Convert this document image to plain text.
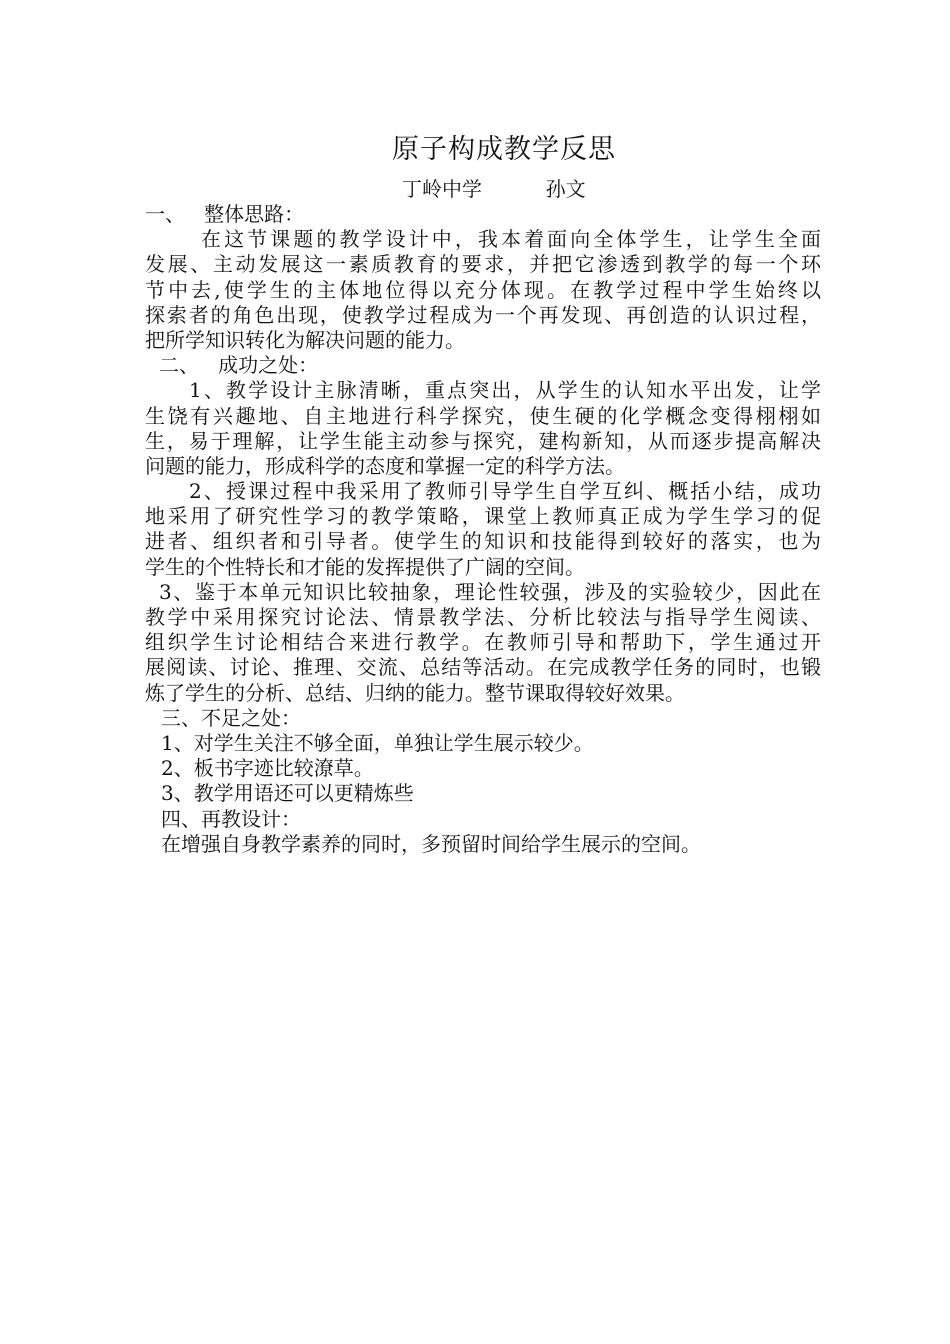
原子构成教学反思
丁岭中学          孙文
一、   整体思路：
在这节课题的教学设计中，我本着面向全体学生，让学生全面
发展、主动发展这一素质教育的要求，并把它渗透到教学的每一个环
节中去,使学生的主体地位得以充分体现。在教学过程中学生始终以
探索者的角色出现，使教学过程成为一个再发现、再创造的认识过程，
把所学知识转化为解决问题的能力。
二、   成功之处：
1、教学设计主脉清晰，重点突出，从学生的认知水平出发，让学
生饶有兴趣地、自主地进行科学探究，使生硬的化学概念变得栩栩如
生，易于理解，让学生能主动参与探究，建构新知，从而逐步提高解决
问题的能力，形成科学的态度和掌握一定的科学方法。
2、授课过程中我采用了教师引导学生自学互纠、概括小结，成功
地采用了研究性学习的教学策略，课堂上教师真正成为学生学习的促
进者、组织者和引导者。使学生的知识和技能得到较好的落实，也为
学生的个性特长和才能的发挥提供了广阔的空间。
3、鉴于本单元知识比较抽象，理论性较强，涉及的实验较少，因此在
教学中采用探究讨论法、情景教学法、分析比较法与指导学生阅读、
组织学生讨论相结合来进行教学。在教师引导和帮助下，学生通过开
展阅读、讨论、推理、交流、总结等活动。在完成教学任务的同时，也锻
炼了学生的分析、总结、归纳的能力。整节课取得较好效果。
三、不足之处：
1、对学生关注不够全面，单独让学生展示较少。
2、板书字迹比较潦草。
3、教学用语还可以更精炼些
四、再教设计：
在增强自身教学素养的同时，多预留时间给学生展示的空间。
